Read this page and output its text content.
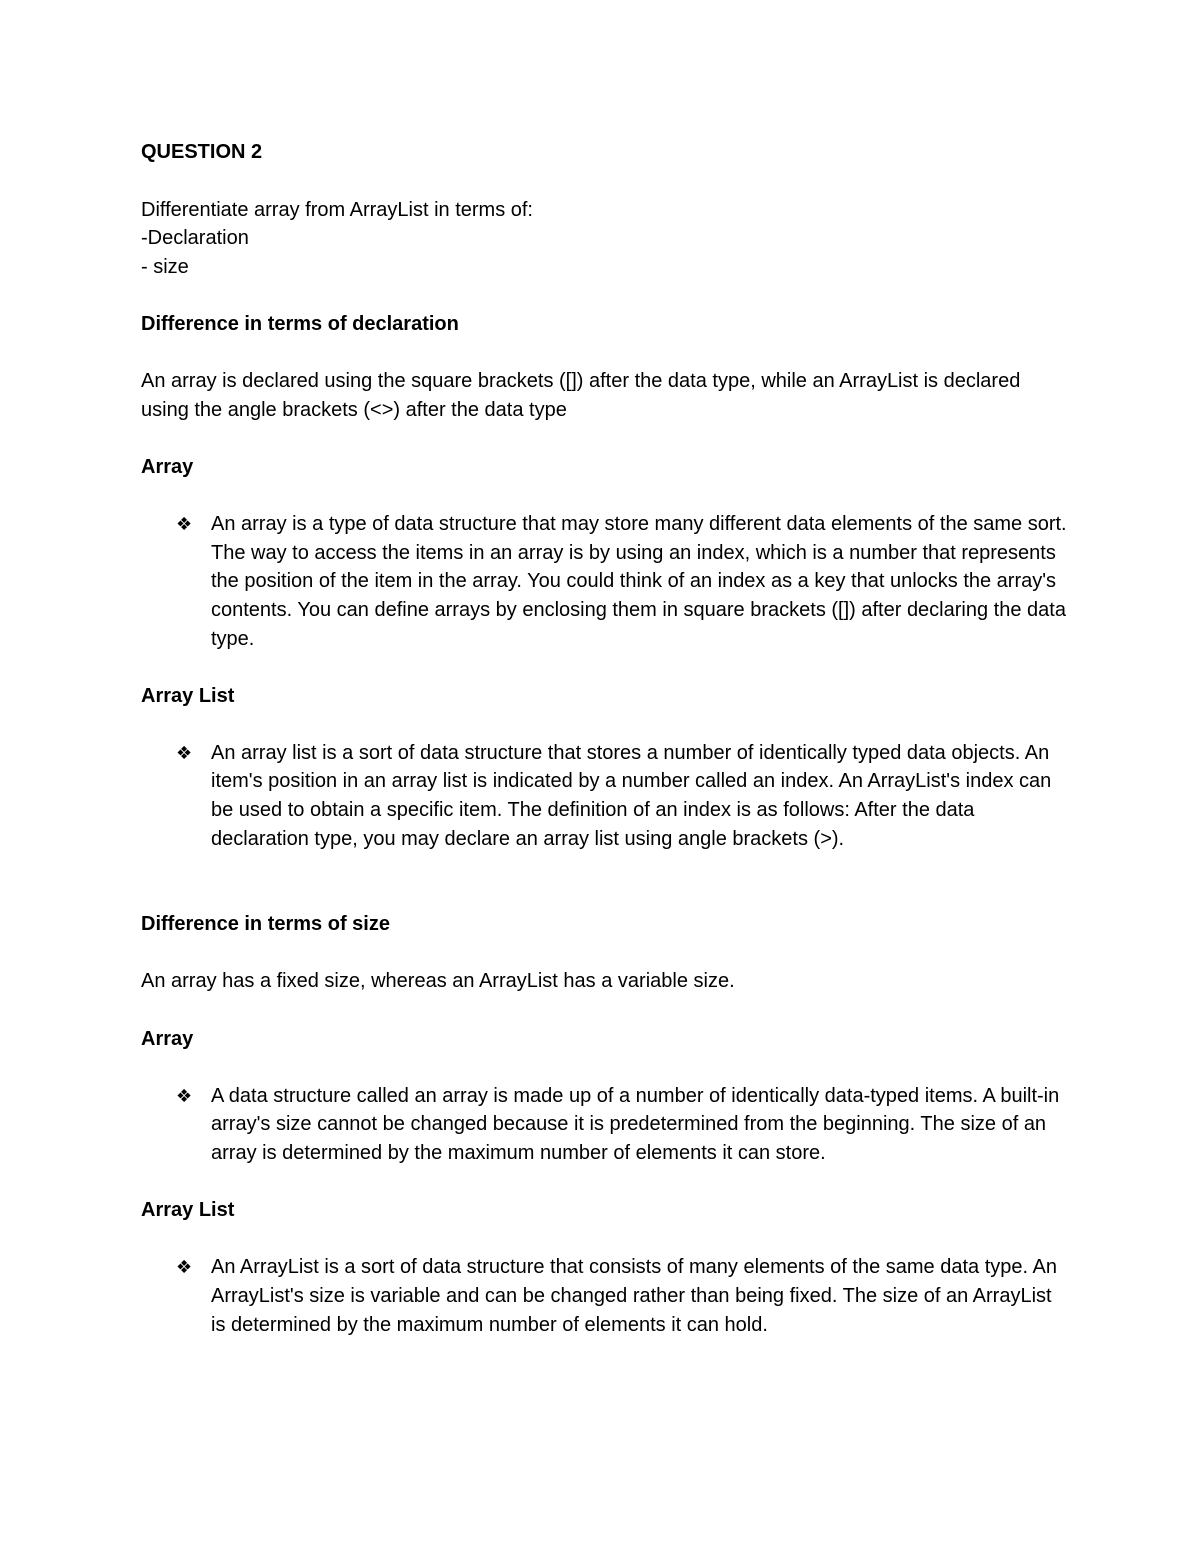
QUESTION 2
Differentiate array from ArrayList in terms of:
-Declaration
- size
Difference in terms of declaration
An array is declared using the square brackets ([]) after the data type, while an ArrayList is declared using the angle brackets (<>) after the data type
Array
❖ An array is a type of data structure that may store many different data elements of the same sort. The way to access the items in an array is by using an index, which is a number that represents the position of the item in the array. You could think of an index as a key that unlocks the array's contents. You can define arrays by enclosing them in square brackets ([]) after declaring the data type.
Array List
❖ An array list is a sort of data structure that stores a number of identically typed data objects. An item's position in an array list is indicated by a number called an index. An ArrayList's index can be used to obtain a specific item. The definition of an index is as follows: After the data declaration type, you may declare an array list using angle brackets (>).
Difference in terms of size
An array has a fixed size, whereas an ArrayList has a variable size.
Array
❖ A data structure called an array is made up of a number of identically data-typed items. A built-in array's size cannot be changed because it is predetermined from the beginning. The size of an array is determined by the maximum number of elements it can store.
Array List
❖ An ArrayList is a sort of data structure that consists of many elements of the same data type. An ArrayList's size is variable and can be changed rather than being fixed. The size of an ArrayList is determined by the maximum number of elements it can hold.
